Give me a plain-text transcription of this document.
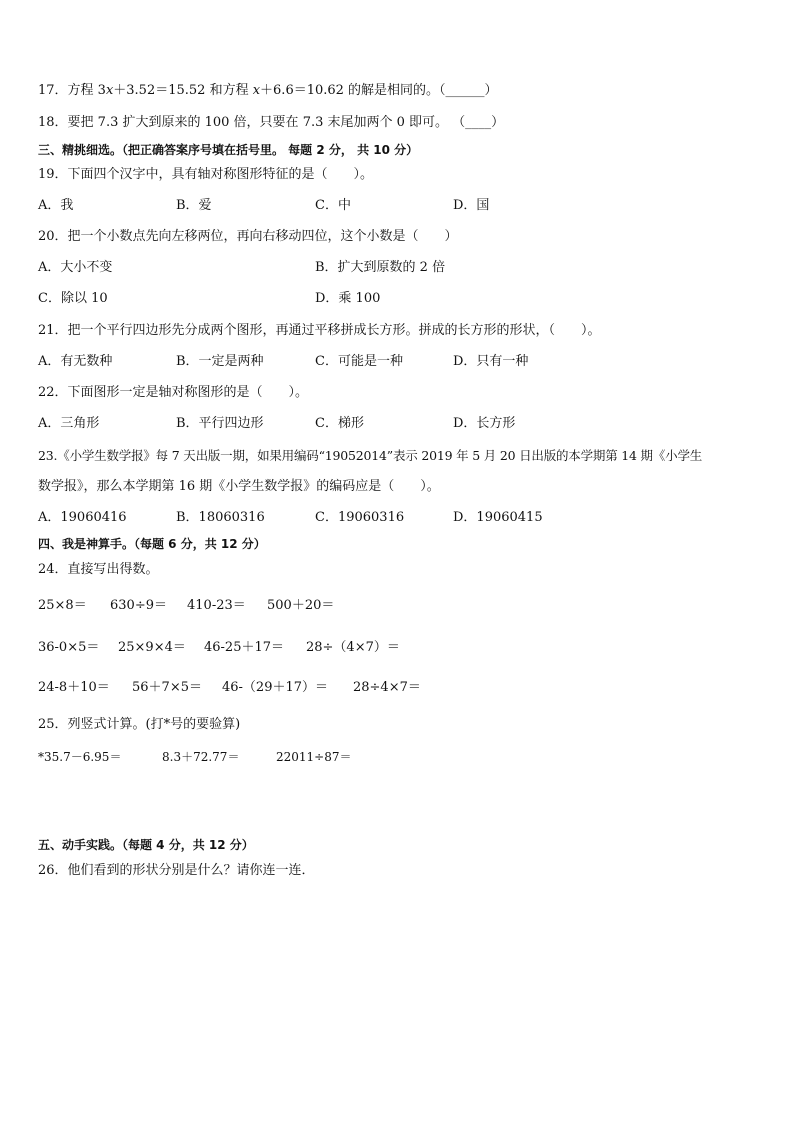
17．方程 3𝑥＋3.52＝15.52 和方程 𝑥＋6.6＝10.62 的解是相同的。（______）
18．要把 7.3 扩大到原来的 100 倍，只要在 7.3 末尾加两个 0 即可。 （____）
三、精挑细选。（把正确答案序号填在括号里。 每题 2 分， 共 10 分）
19．下面四个汉字中，具有轴对称图形特征的是（　　）。
A．我	B．爱	C．中	D．国
20．把一个小数点先向左移两位，再向右移动四位，这个小数是（　　）
A．大小不变	B．扩大到原数的 2 倍
C．除以 10	D．乘 100
21．把一个平行四边形先分成两个图形，再通过平移拼成长方形。拼成的长方形的形状，（　　）。
A．有无数种	B．一定是两种	C．可能是一种	D．只有一种
22．下面图形一定是轴对称图形的是（　　）。
A．三角形	B．平行四边形	C．梯形	D．长方形
23.《小学生数学报》每 7 天出版一期，如果用编码“19052014”表示 2019 年 5 月 20 日出版的本学期第 14 期《小学生
数学报》，那么本学期第 16 期《小学生数学报》的编码应是（　　）。
A．19060416	B．18060316	C．19060316	D．19060415
四、我是神算手。（每题 6 分，共 12 分）
24．直接写出得数。
25×8＝ 630÷9＝ 410-23＝ 500＋20＝
36-0×5＝ 25×9×4＝ 46-25＋17＝ 28÷（4×7）＝
24-8＋10＝ 56＋7×5＝ 46-（29＋17）＝ 28÷4×7＝
25．列竖式计算。(打*号的要验算)
*35.7－6.95＝	8.3＋72.77＝	22011÷87＝
五、动手实践。（每题 4 分，共 12 分）
26．他们看到的形状分别是什么？请你连一连．
